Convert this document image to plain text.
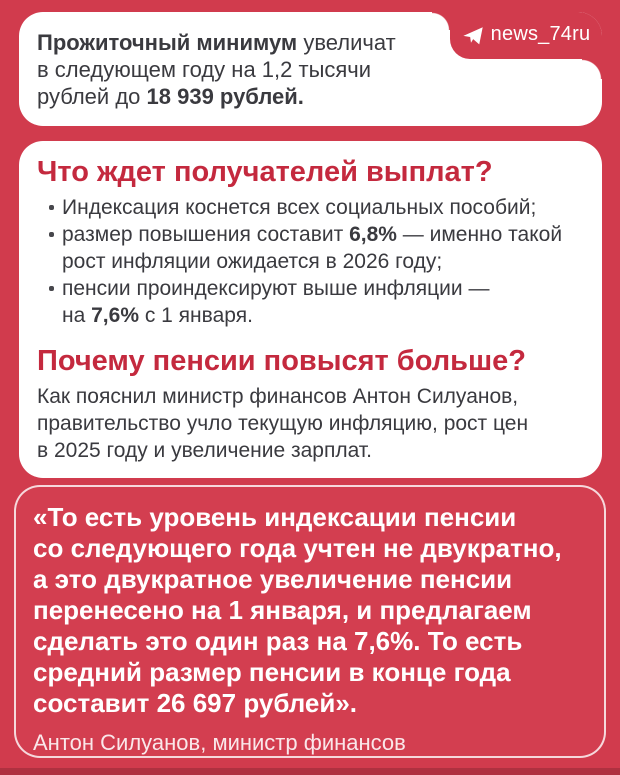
Прожиточный минимум увеличат
в следующем году на 1,2 тысячи
рублей до 18 939 рублей.
news_74ru
Что ждет получателей выплат?
Индексация коснется всех социальных пособий;
размер повышения составит 6,8% — именно такой
рост инфляции ожидается в 2026 году;
пенсии проиндексируют выше инфляции —
на 7,6% с 1 января.
Почему пенсии повысят больше?
Как пояснил министр финансов Антон Силуанов,
правительство учло текущую инфляцию, рост цен
в 2025 году и увеличение зарплат.
«То есть уровень индексации пенсии
со следующего года учтен не двукратно,
а это двукратное увеличение пенсии
перенесено на 1 января, и предлагаем
сделать это один раз на 7,6%. То есть
средний размер пенсии в конце года
составит 26 697 рублей».
Антон Силуанов, министр финансов
